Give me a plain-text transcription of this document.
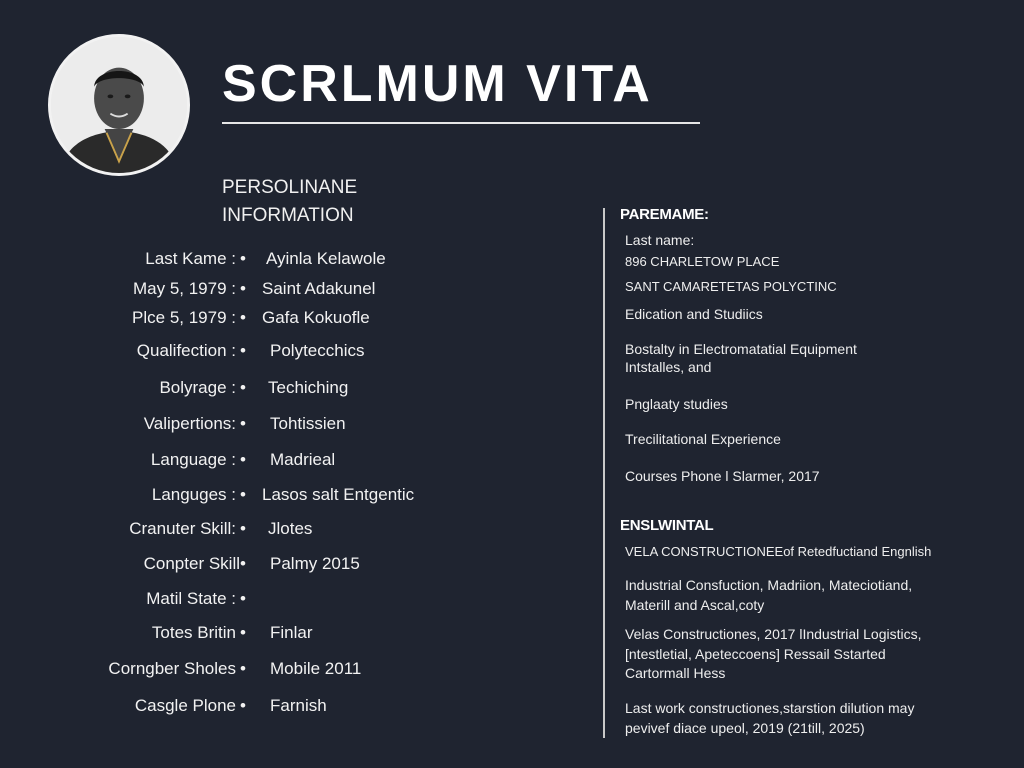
SCRLMUM VITA
PERSOLINANE
INFORMATION
Last Kame : • Ayinla Kelawole
May 5, 1979 : • Saint Adakunel
Plce 5, 1979 : • Gafa Kokuofle
Qualifection : • Polytecchics
Bolyrage : • Techiching
Valipertions: • Tohtissien
Language : • Madrieal
Languges : • Lasos salt Entgentic
Cranuter Skill: • Jlotes
Conpter Skill • Palmy 2015
Matil State : •
Totes Britin • Finlar
Corngber Sholes • Mobile 2011
Casgle Plone • Farnish
PAREMAME:
Last name:
896 CHARLETOW PLACE
SANT CAMARETETAS POLYCTINC
Edication and Studiics
Bostalty in Electromatatial Equipment
Intstalles, and
Pnglaaty studies
Trecilitational Experience
Courses Phone l Slarmer, 2017
ENSLWINTAL
VELA CONSTRUCTIONEEof Retedfuctiand Engnlish
Industrial Consfuction, Madriion, Mateciotiand,
Materill and Ascal,coty
Velas Constructiones, 2017 lIndustrial Logistics,
[ntestletial, Apeteccoens] Ressail Sstarted
Cartormall Hess
Last work constructiones,starstion dilution may
pevivef diace upeol, 2019 (21till, 2025)
